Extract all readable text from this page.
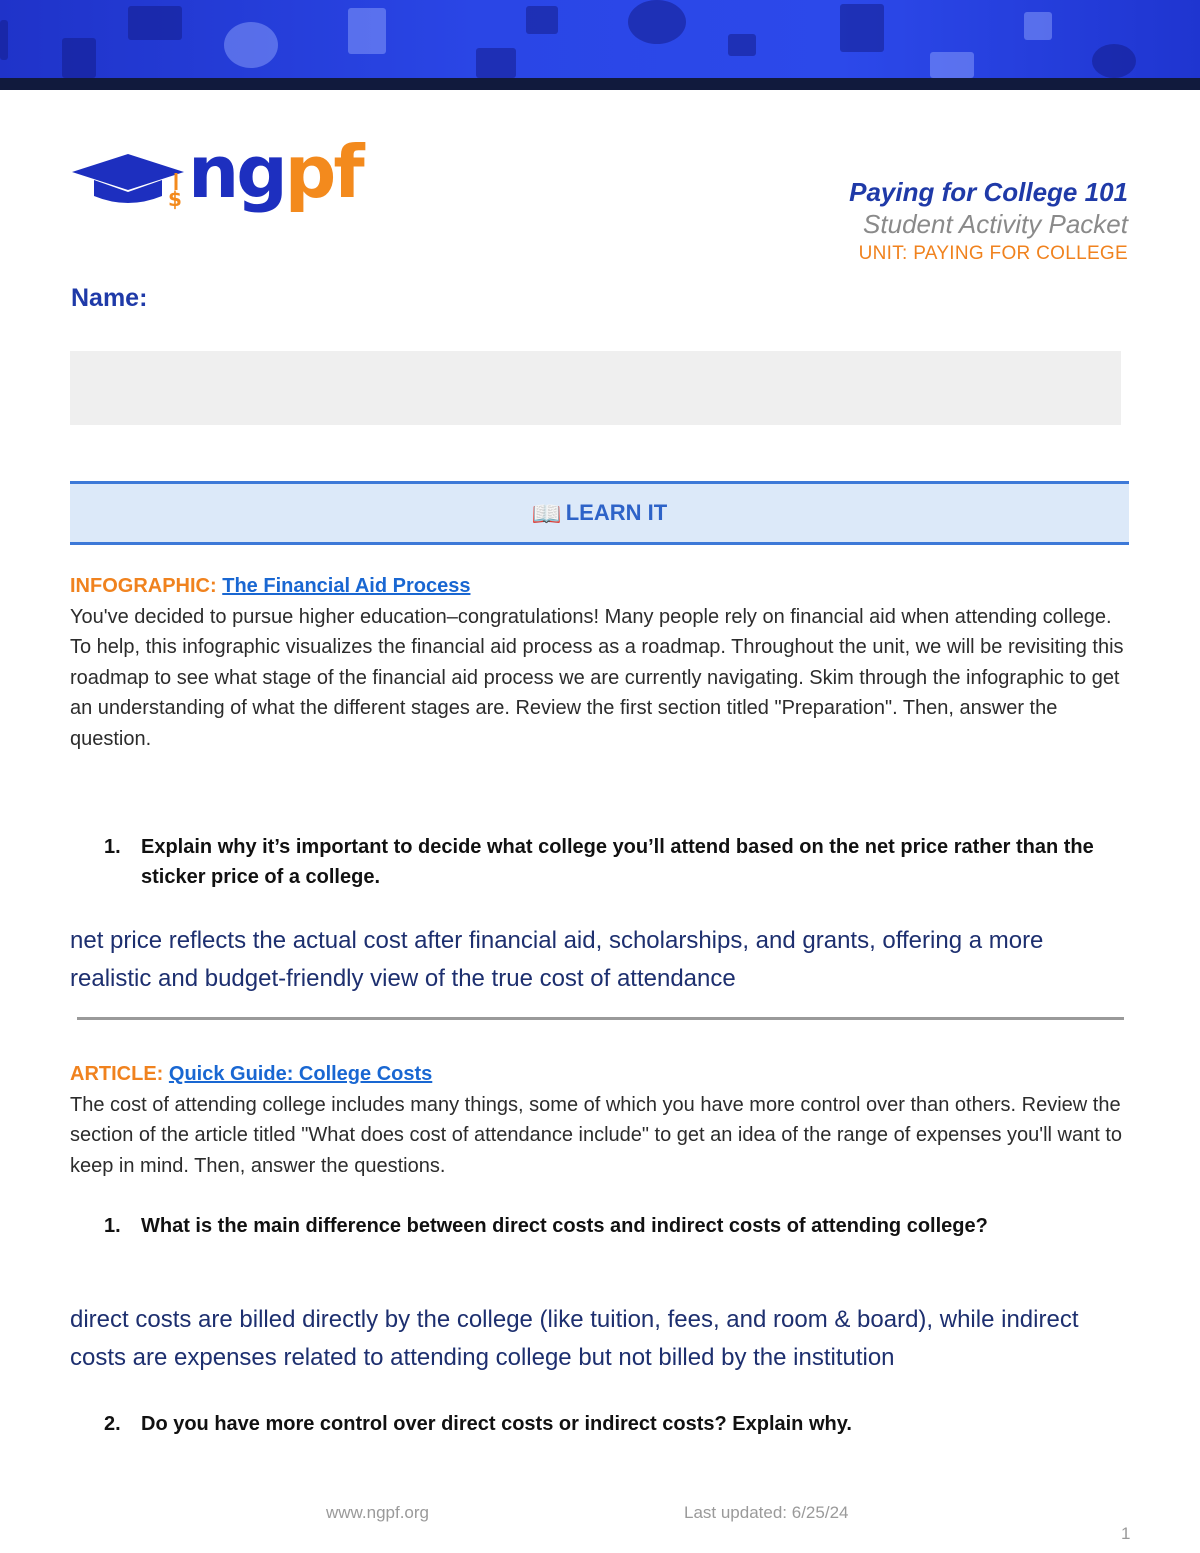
$ ngpf	Paying for College 101
Student Activity Packet
UNIT: PAYING FOR COLLEGE
Name:
📖 LEARN IT
INFOGRAPHIC: The Financial Aid Process
You've decided to pursue higher education–congratulations! Many people rely on financial aid when attending college. To help, this infographic visualizes the financial aid process as a roadmap. Throughout the unit, we will be revisiting this roadmap to see what stage of the financial aid process we are currently navigating. Skim through the infographic to get an understanding of what the different stages are. Review the first section titled "Preparation". Then, answer the question.
1.	Explain why it’s important to decide what college you’ll attend based on the net price rather than the sticker price of a college.
net price reflects the actual cost after financial aid, scholarships, and grants, offering a more realistic and budget-friendly view of the true cost of attendance
ARTICLE: Quick Guide: College Costs
The cost of attending college includes many things, some of which you have more control over than others. Review the section of the article titled "What does cost of attendance include" to get an idea of the range of expenses you'll want to keep in mind. Then, answer the questions.
1.	What is the main difference between direct costs and indirect costs of attending college?
direct costs are billed directly by the college (like tuition, fees, and room & board), while indirect costs are expenses related to attending college but not billed by the institution
2.	Do you have more control over direct costs or indirect costs? Explain why.
www.ngpf.org	Last updated: 6/25/24
1
